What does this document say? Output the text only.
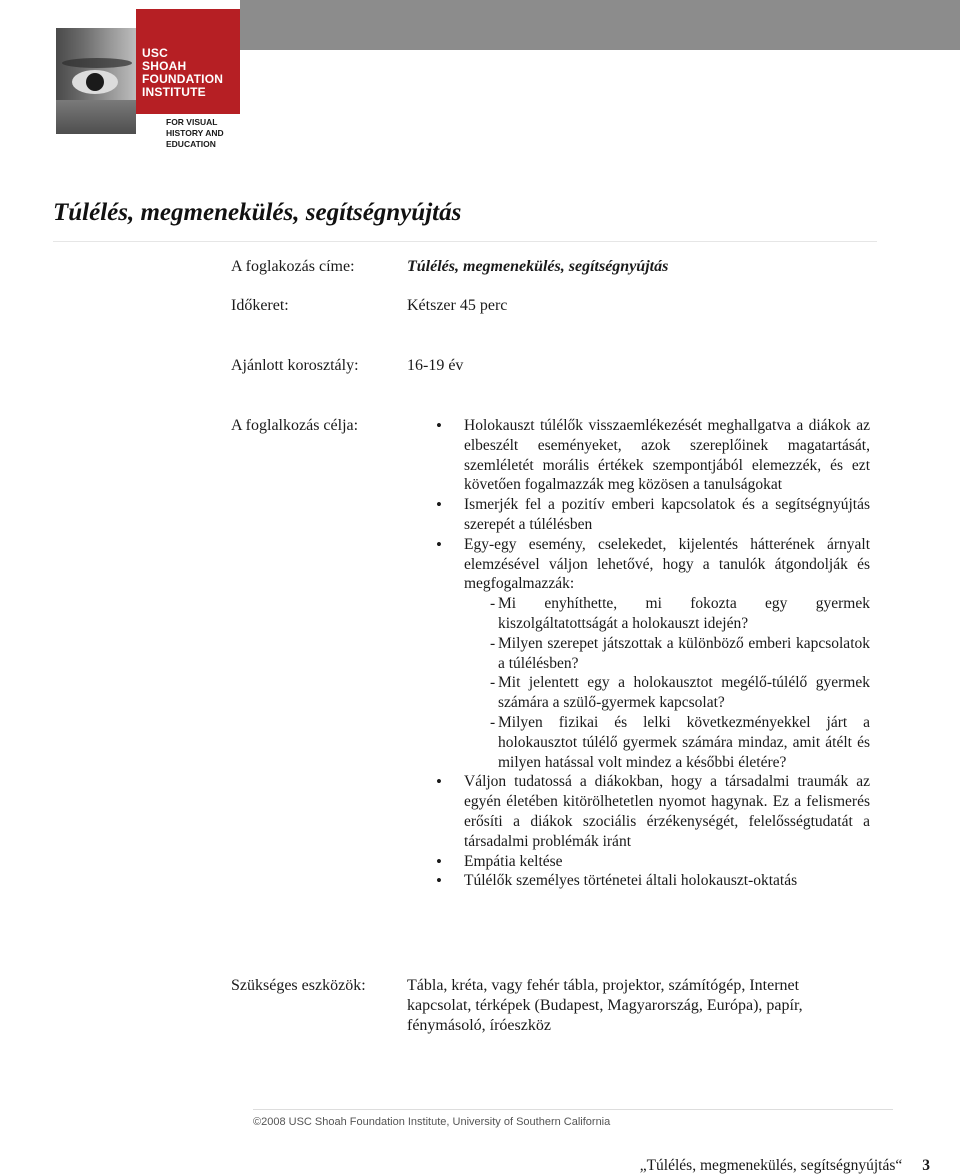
USC
SHOAH
FOUNDATION
INSTITUTE
FOR VISUAL
HISTORY AND
EDUCATION
Túlélés, megmenekülés, segítségnyújtás
A foglakozás címe:	Túlélés, megmenekülés, segítségnyújtás
Időkeret:	Kétszer 45 perc
Ajánlott korosztály:	16-19 év
A foglalkozás célja:
•	Holokauszt túlélők visszaemlékezését meghallgatva a diákok az elbeszélt eseményeket, azok szereplőinek magatartását, szemléletét morális értékek szempontjából elemezzék, és ezt követően fogalmazzák meg közösen a tanulságokat
• Ismerjék fel a pozitív emberi kapcsolatok és a segítségnyújtás szerepét a túlélésben
• Egy-egy esemény, cselekedet, kijelentés hátterének árnyalt elemzésével váljon lehetővé, hogy a tanulók átgondolják és megfogalmazzák:
- Mi enyhíthette, mi fokozta egy gyermek kiszolgáltatottságát a holokauszt idején?
- Milyen szerepet játszottak a különböző emberi kapcsolatok a túlélésben?
- Mit jelentett egy a holokausztot megélő-túlélő gyermek számára a szülő-gyermek kapcsolat?
- Milyen fizikai és lelki következményekkel járt a holokausztot túlélő gyermek számára mindaz, amit átélt és milyen hatással volt mindez a későbbi életére?
• Váljon tudatossá a diákokban, hogy a társadalmi traumák az egyén életében kitörölhetetlen nyomot hagynak. Ez a felismerés erősíti a diákok szociális érzékenységét, felelősségtudatát a társadalmi problémák iránt
• Empátia keltése
• Túlélők személyes történetei általi holokauszt-oktatás
Szükséges eszközök:	Tábla, kréta, vagy fehér tábla, projektor, számítógép, Internet kapcsolat, térképek (Budapest, Magyarország, Európa), papír, fénymásoló, íróeszköz
©2008 USC Shoah Foundation Institute, University of Southern California
„Túlélés, megmenekülés, segítségnyújtás“ 3
